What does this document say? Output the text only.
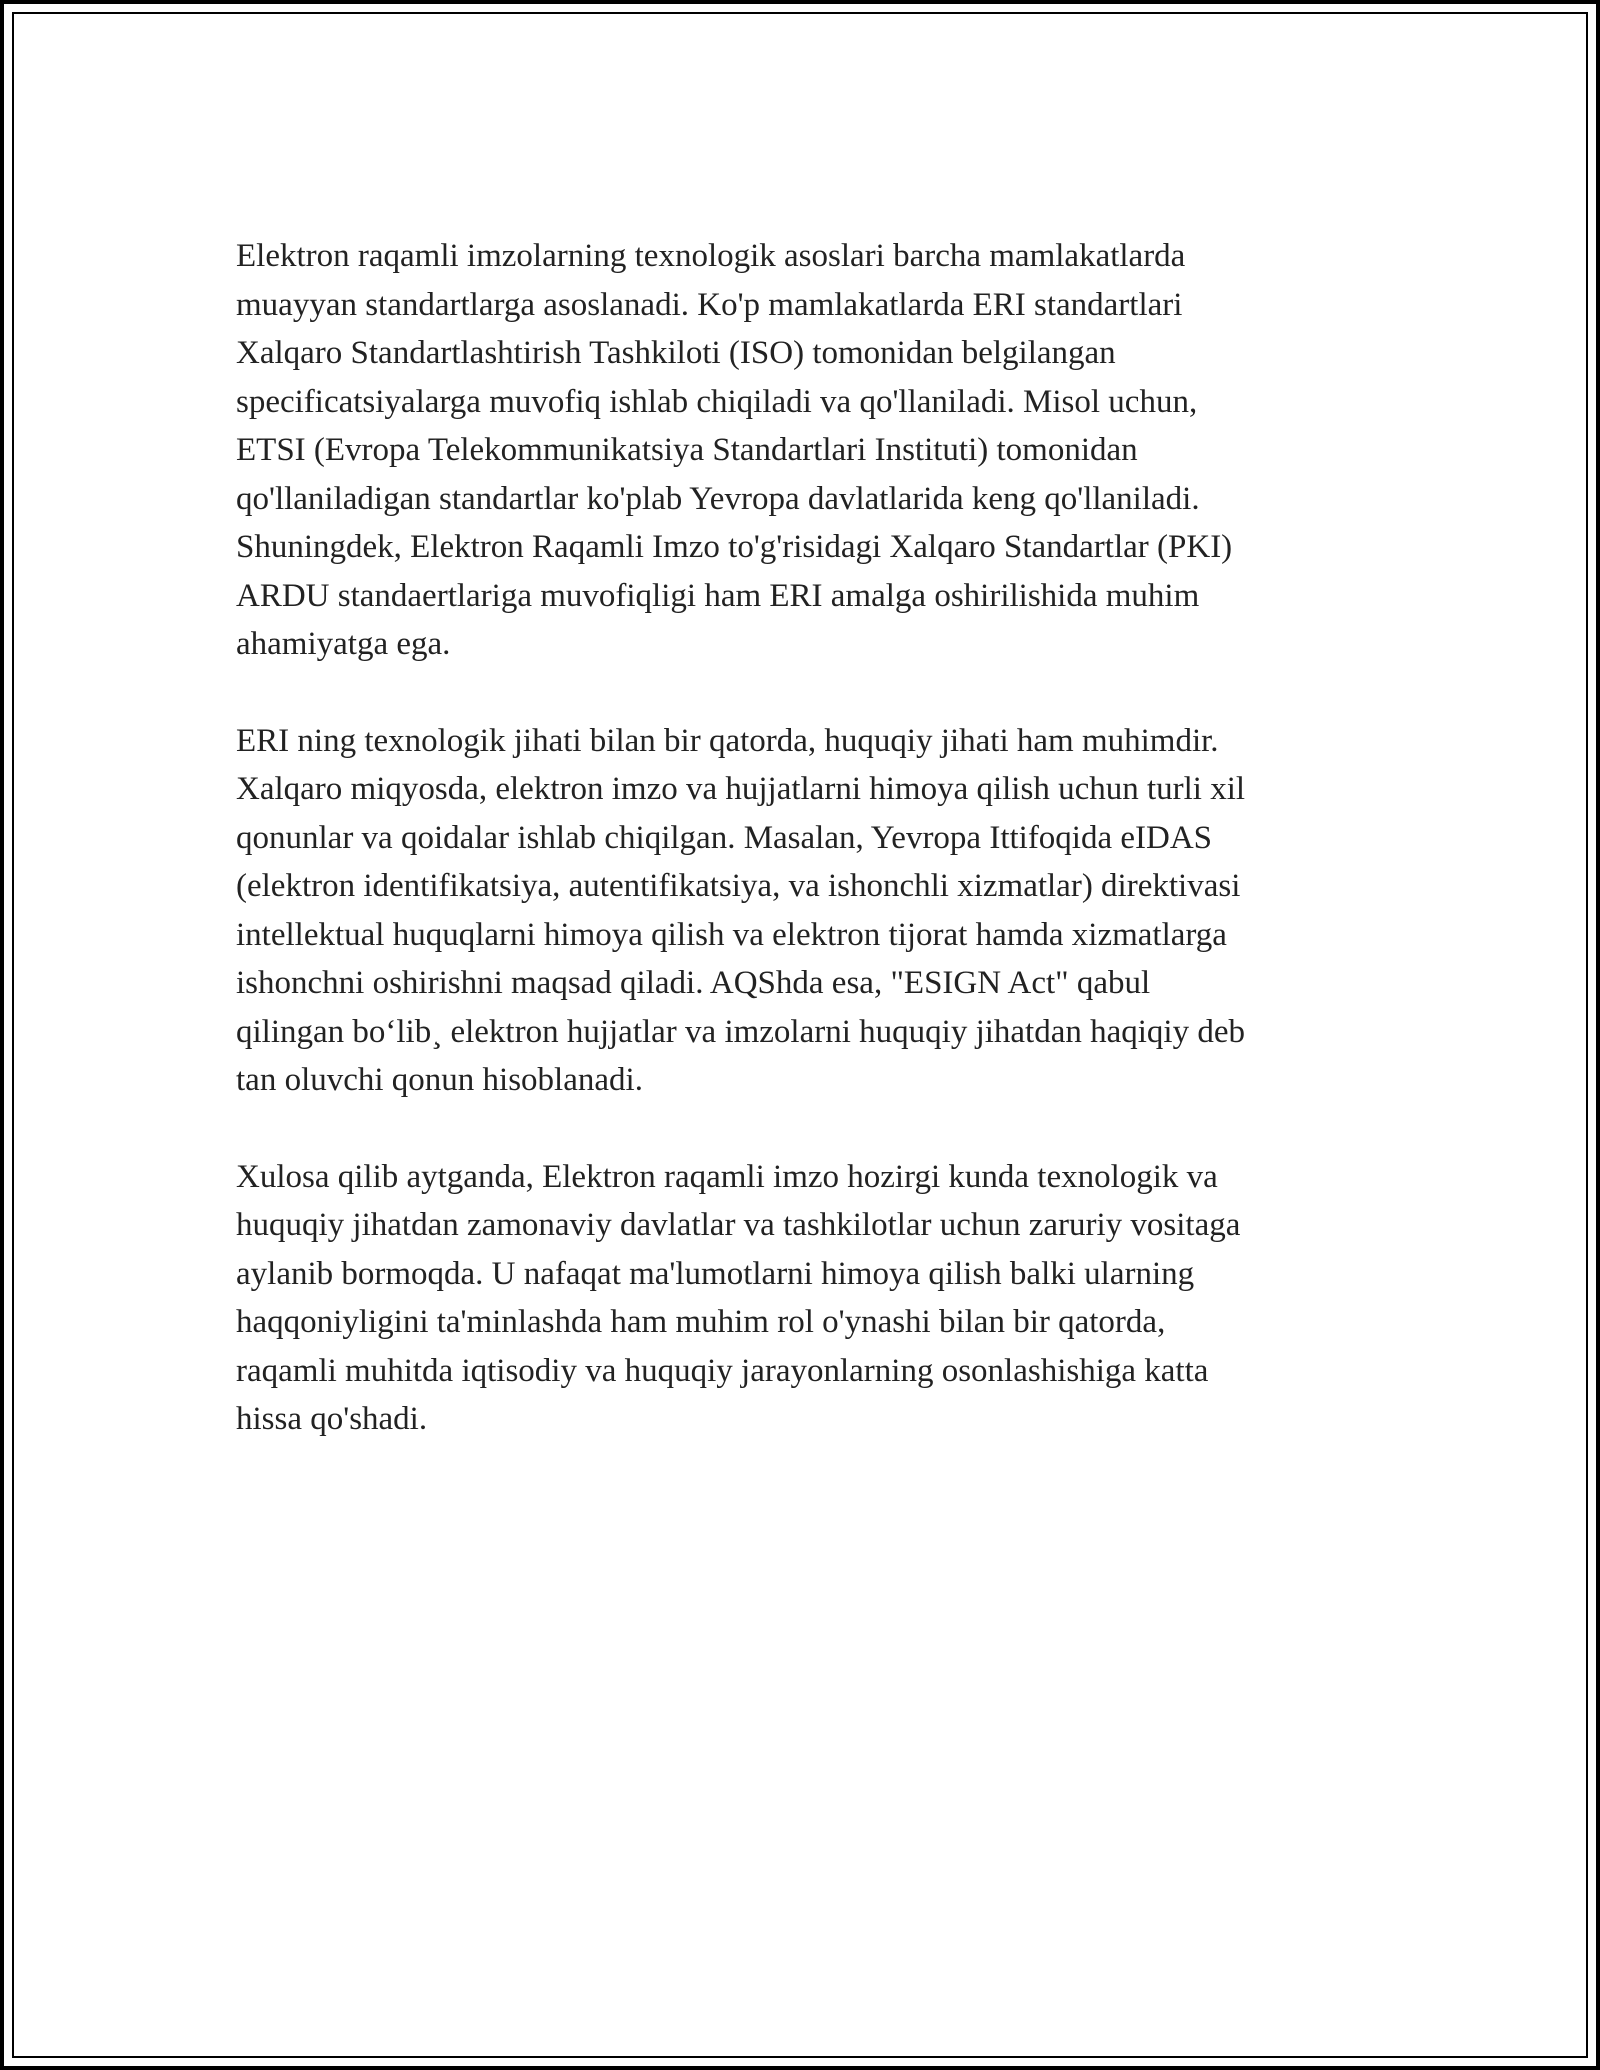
Elektron raqamli imzolarning texnologik asoslari barcha mamlakatlarda
muayyan standartlarga asoslanadi. Ko'p mamlakatlarda ERI standartlari
Xalqaro Standartlashtirish Tashkiloti (ISO) tomonidan belgilangan
specificatsiyalarga muvofiq ishlab chiqiladi va qo'llaniladi. Misol uchun,
ETSI (Evropa Telekommunikatsiya Standartlari Instituti) tomonidan
qo'llaniladigan standartlar ko'plab Yevropa davlatlarida keng qo'llaniladi.
Shuningdek, Elektron Raqamli Imzo to'g'risidagi Xalqaro Standartlar (PKI)
ARDU standaertlariga muvofiqligi ham ERI amalga oshirilishida muhim
ahamiyatga ega.

ERI ning texnologik jihati bilan bir qatorda, huquqiy jihati ham muhimdir.
Xalqaro miqyosda, elektron imzo va hujjatlarni himoya qilish uchun turli xil
qonunlar va qoidalar ishlab chiqilgan. Masalan, Yevropa Ittifoqida eIDAS
(elektron identifikatsiya, autentifikatsiya, va ishonchli xizmatlar) direktivasi
intellektual huquqlarni himoya qilish va elektron tijorat hamda xizmatlarga
ishonchni oshirishni maqsad qiladi. AQShda esa, "ESIGN Act" qabul
qilingan bo‘lib¸ elektron hujjatlar va imzolarni huquqiy jihatdan haqiqiy deb
tan oluvchi qonun hisoblanadi.

Xulosa qilib aytganda, Elektron raqamli imzo hozirgi kunda texnologik va
huquqiy jihatdan zamonaviy davlatlar va tashkilotlar uchun zaruriy vositaga
aylanib bormoqda. U nafaqat ma'lumotlarni himoya qilish balki ularning
haqqoniyligini ta'minlashda ham muhim rol o'ynashi bilan bir qatorda,
raqamli muhitda iqtisodiy va huquqiy jarayonlarning osonlashishiga katta
hissa qo'shadi.
